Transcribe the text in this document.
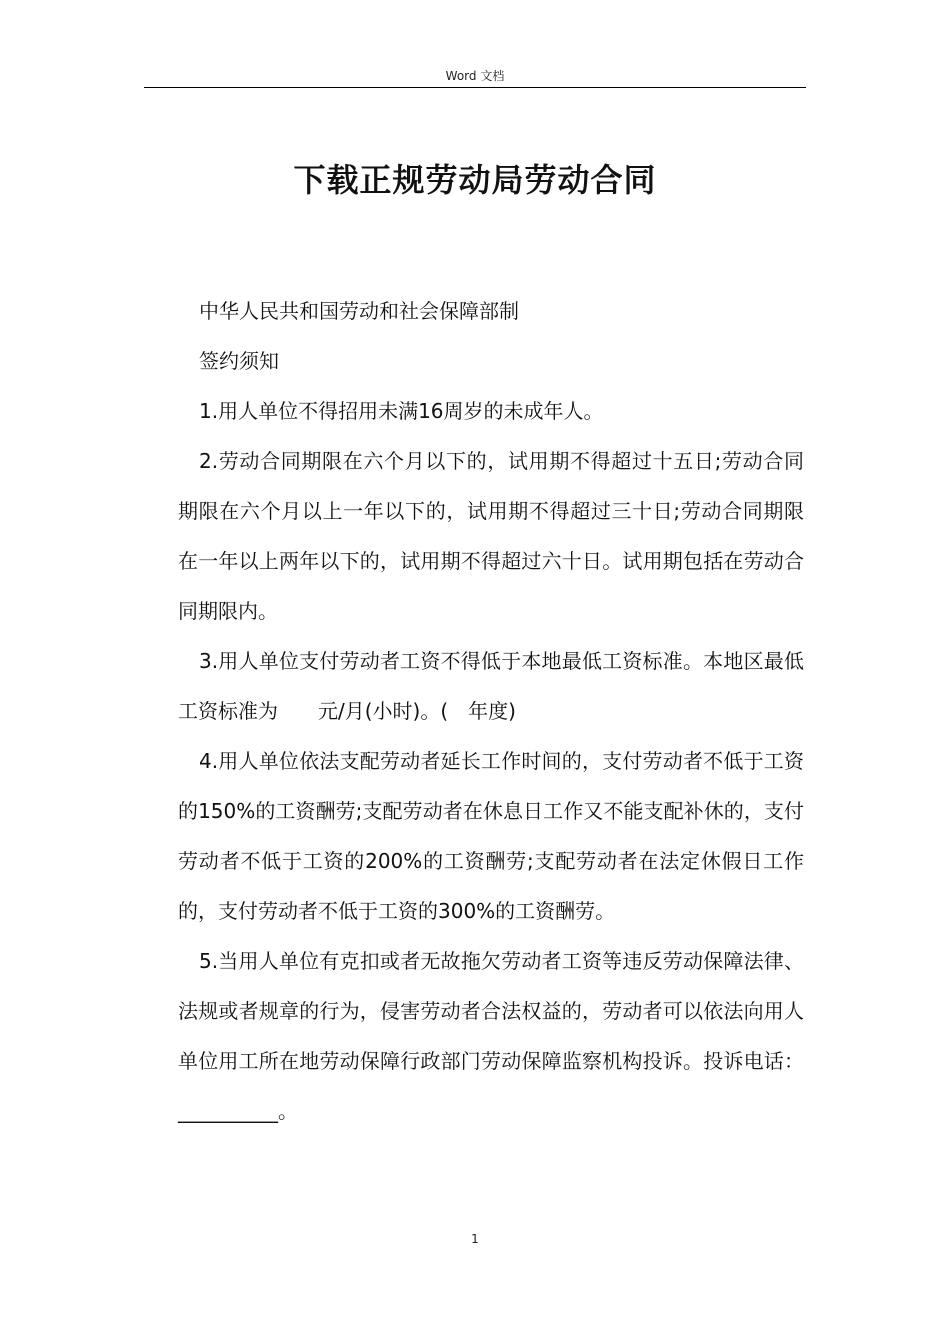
Word 文档
下载正规劳动局劳动合同

中华人民共和国劳动和社会保障部制

签约须知

1.用人单位不得招用未满16周岁的未成年人。

2.劳动合同期限在六个月以下的，试用期不得超过十五日;劳动合同期限在六个月以上一年以下的，试用期不得超过三十日;劳动合同期限在一年以上两年以下的，试用期不得超过六十日。试用期包括在劳动合同期限内。

3.用人单位支付劳动者工资不得低于本地最低工资标准。本地区最低工资标准为　　元/月(小时)。(　年度)

4.用人单位依法支配劳动者延长工作时间的，支付劳动者不低于工资的150%的工资酬劳;支配劳动者在休息日工作又不能支配补休的，支付劳动者不低于工资的200%的工资酬劳;支配劳动者在法定休假日工作的，支付劳动者不低于工资的300%的工资酬劳。

5.当用人单位有克扣或者无故拖欠劳动者工资等违反劳动保障法律、法规或者规章的行为，侵害劳动者合法权益的，劳动者可以依法向用人单位用工所在地劳动保障行政部门劳动保障监察机构投诉。投诉电话：__________。

1
